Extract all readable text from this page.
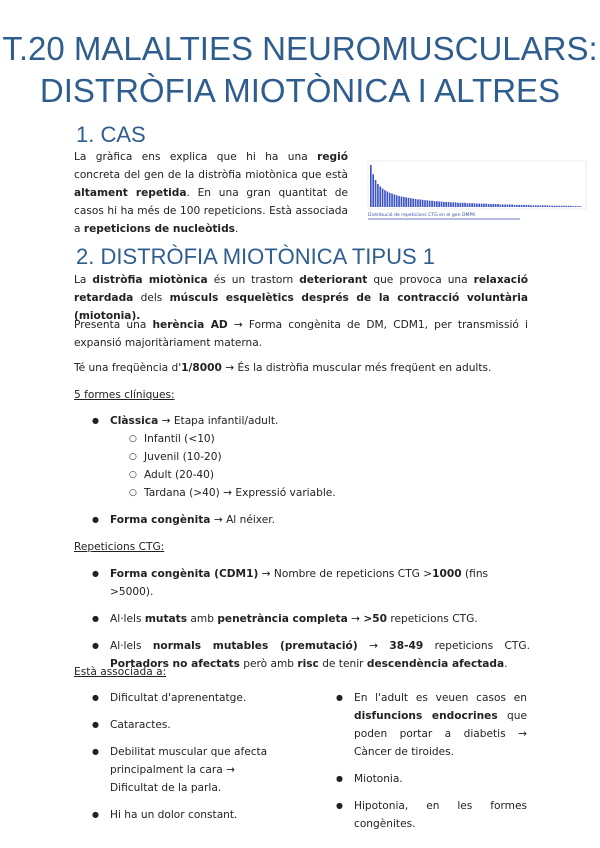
T.20 MALALTIES NEUROMUSCULARS:
DISTRÒFIA MIOTÒNICA I ALTRES
1. CAS
La gràfica ens explica que hi ha una regió concreta del gen de la distròfia miotònica que està altament repetida. En una gran quantitat de casos hi ha més de 100 repeticions. Està associada a repeticions de nucleòtids.
Distribució de repeticions CTG en el gen DMPK
2. DISTRÒFIA MIOTÒNICA TIPUS 1
La distròfia miotònica és un trastorn deteriorant que provoca una relaxació retardada dels músculs esquelètics després de la contracció voluntària (miotonia).
Presenta una herència AD → Forma congènita de DM, CDM1, per transmissió i expansió majoritàriament materna.
Té una freqüència d'1/8000 → És la distròfia muscular més freqüent en adults.
5 formes clíniques:
● Clàssica → Etapa infantil/adult.
○ Infantil (<10)
○ Juvenil (10-20)
○ Adult (20-40)
○ Tardana (>40) → Expressió variable.
● Forma congènita → Al néixer.
Repeticions CTG:
● Forma congènita (CDM1) → Nombre de repeticions CTG >1000 (fins >5000).
● Al·lels mutats amb penetrància completa → >50 repeticions CTG.
● Al·lels normals mutables (premutació) → 38-49 repeticions CTG. Portadors no afectats però amb risc de tenir descendència afectada.
Està associada a:
● Dificultat d'aprenentatge.
● Cataractes.
● Debilitat muscular que afecta principalment la cara → Dificultat de la parla.
● Hi ha un dolor constant.
● En l'adult es veuen casos en disfuncions endocrines que poden portar a diabetis → Càncer de tiroides.
● Miotonia.
● Hipotonia, en les formes congènites.
